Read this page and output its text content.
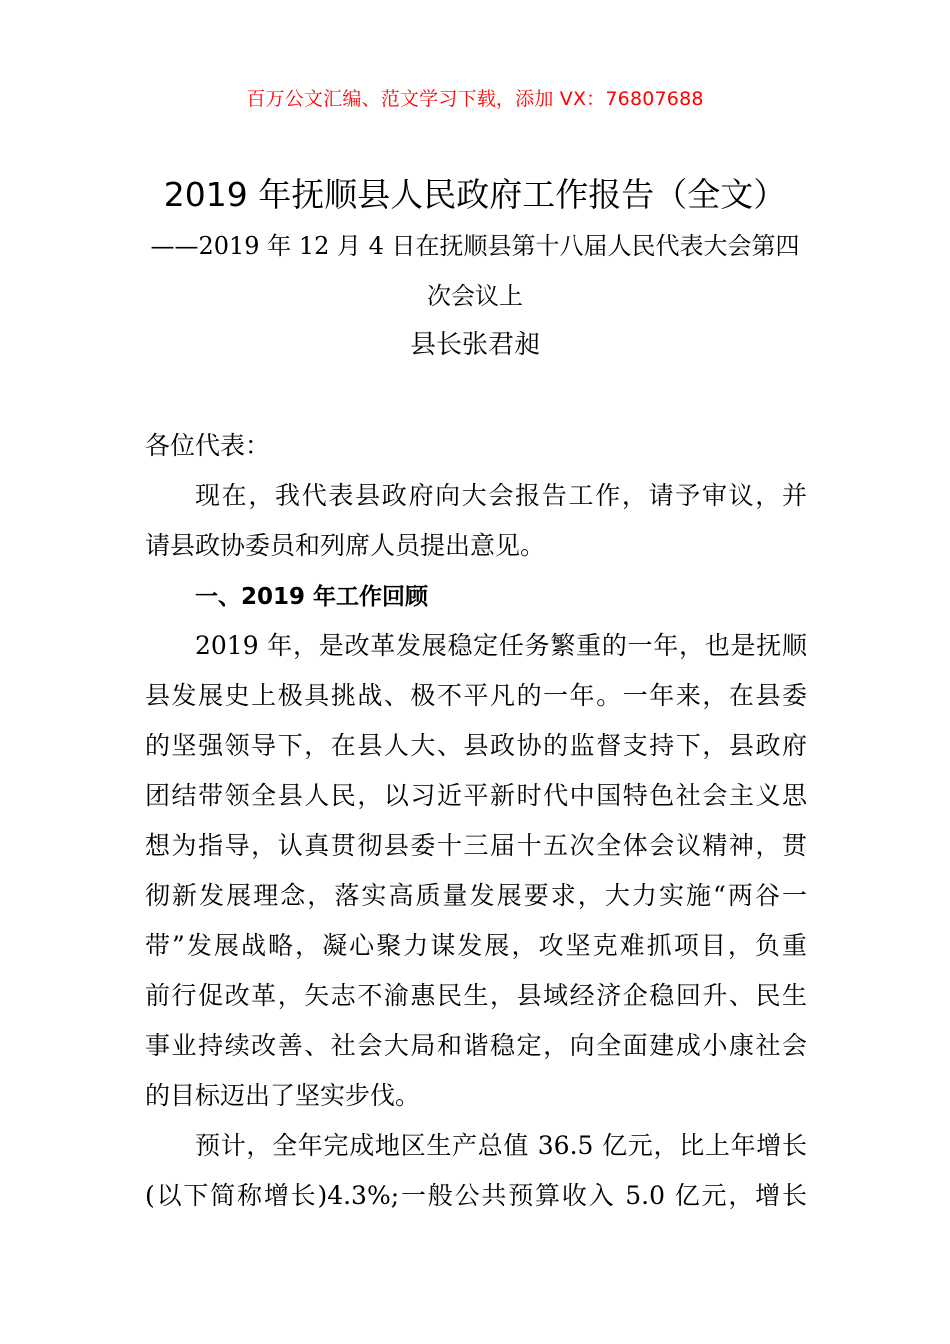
百万公文汇编、范文学习下载，添加 VX：76807688
2019 年抚顺县人民政府工作报告（全文）
——2019 年 12 月 4 日在抚顺县第十八届人民代表大会第四
次会议上
县长张君昶
各位代表：
现在，我代表县政府向大会报告工作，请予审议，并
请县政协委员和列席人员提出意见。
一、2019 年工作回顾
2019 年，是改革发展稳定任务繁重的一年，也是抚顺
县发展史上极具挑战、极不平凡的一年。一年来，在县委
的坚强领导下，在县人大、县政协的监督支持下，县政府
团结带领全县人民，以习近平新时代中国特色社会主义思
想为指导，认真贯彻县委十三届十五次全体会议精神，贯
彻新发展理念，落实高质量发展要求，大力实施“两谷一
带”发展战略，凝心聚力谋发展，攻坚克难抓项目，负重
前行促改革，矢志不渝惠民生，县域经济企稳回升、民生
事业持续改善、社会大局和谐稳定，向全面建成小康社会
的目标迈出了坚实步伐。
预计，全年完成地区生产总值 36.5 亿元，比上年增长
(以下简称增长)4.3%;一般公共预算收入 5.0 亿元，增长
